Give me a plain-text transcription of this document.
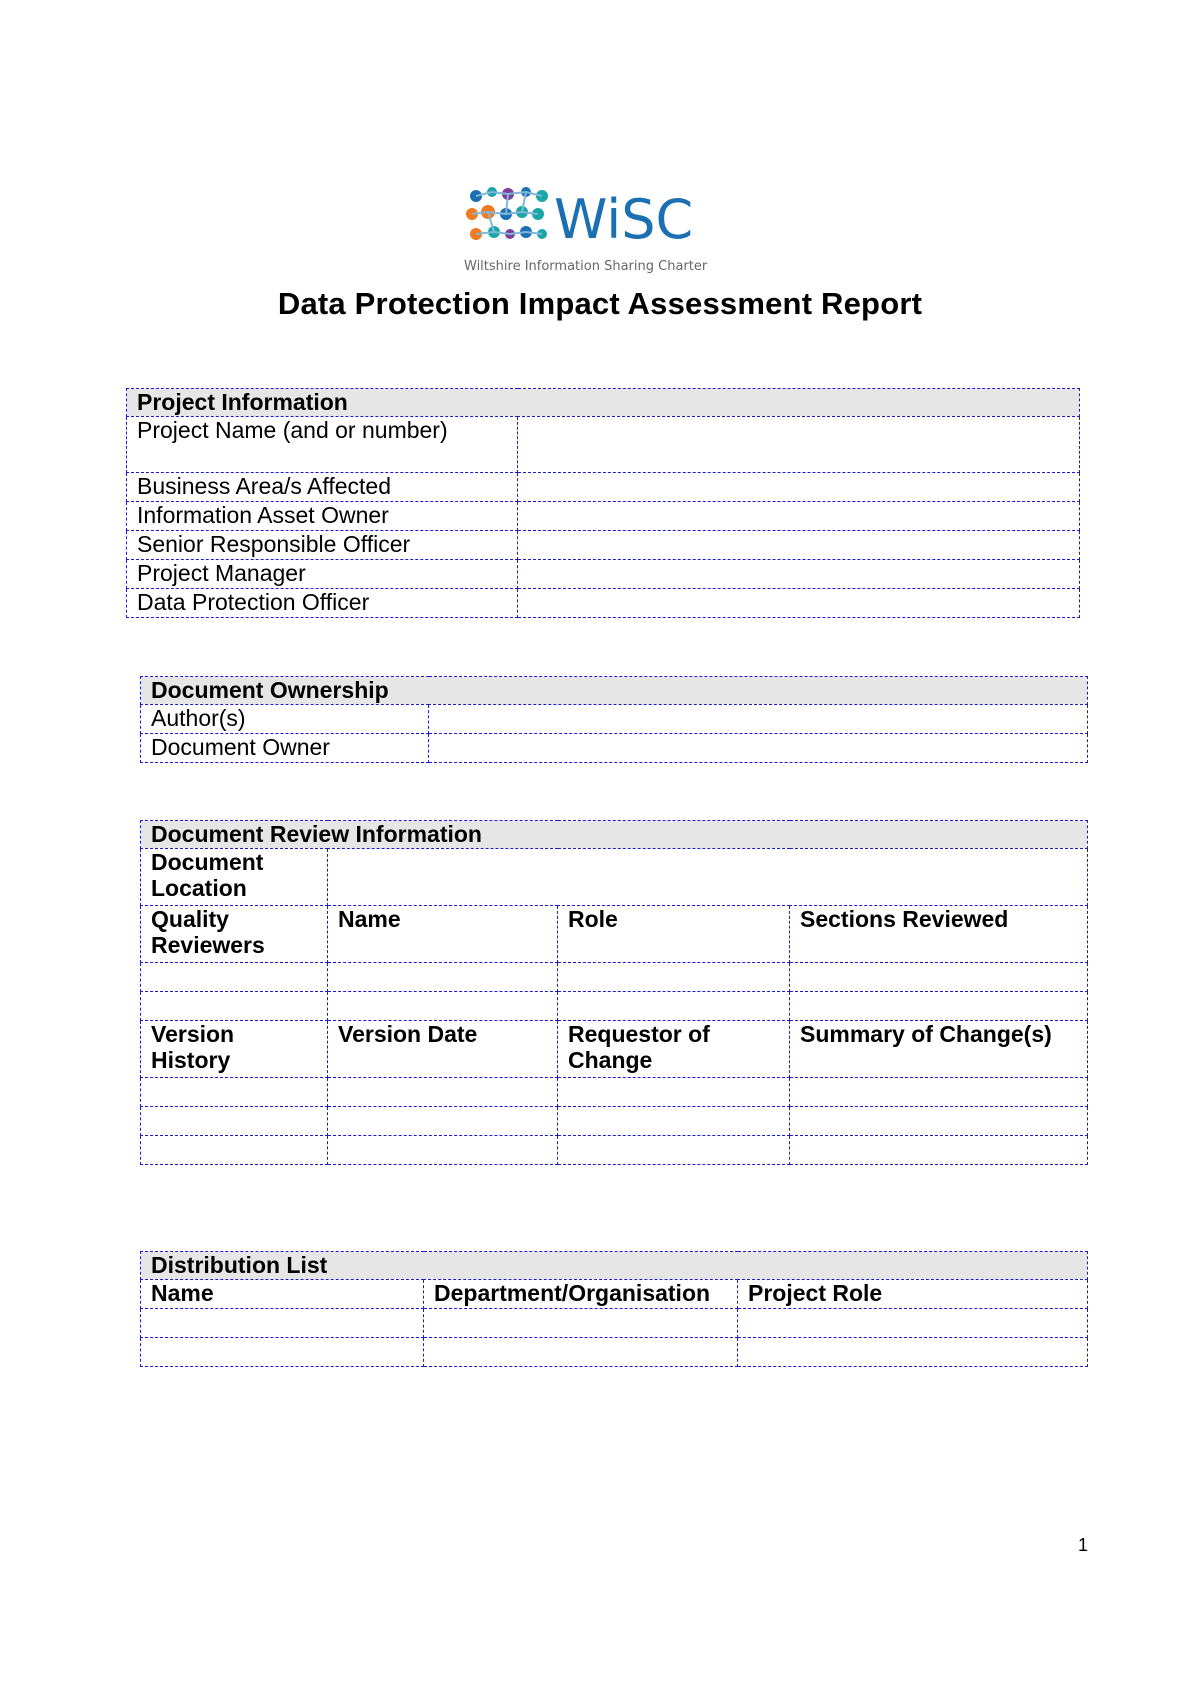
WiSC
Wiltshire Information Sharing Charter
Data Protection Impact Assessment Report
Project Information	
Project Name (and or number)	
Business Area/s Affected	
Information Asset Owner	
Senior Responsible Officer	
Project Manager	
Data Protection Officer	
Document Ownership	
Author(s)	
Document Owner	
Document Review Information			
Document Location			
Quality Reviewers	Name	Role	Sections Reviewed

Version History	Version Date	Requestor of Change	Summary of Change(s)

Distribution List		
Name	Department/Organisation	Project Role

1
